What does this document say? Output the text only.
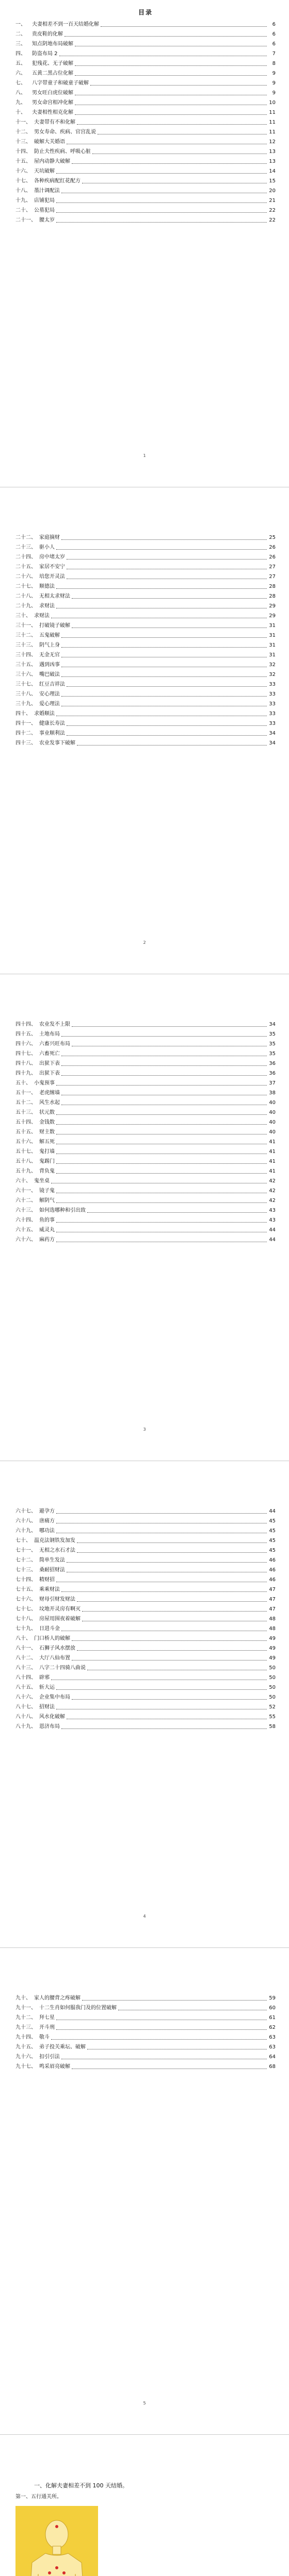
目录
一、	夫妻相差不到一百天结婚化解	6
二、	贵皮鞋的化解	6
三、	知点阴地布局破解	6
四、	防盗布局 2	7
五、	犯残花、无子破解	8
六、	五黄二黑占位化解	9
七、	八字带童子和破童子破解	9
八、	男女旺白虎位破解	9
九、	男女命宫相冲化解	10
十、	夫妻相性相克化解	11
十一、 夫妻带有不和化解	11
十二、 男女寿命、疾病、官宫乱说	11
十三、 破解大关婚语	12
十四、 防止夫性疾病、呼吸心脏	13
十五、 屋内动静大破解	13
十六、 天坑破解	14
十七、 各种疾病配红花配方	15
十八、 墨汁调配法	20
十九、 店铺犯局	21
二十、 公墓犯局	22
二十一、 腰太岁	22
1
二十二、 家庭摘财	25
二十三、 驱小人	26
二十四、 房中堵太岁	26
二十五、 家居不安宁	27
二十六、 培您开灵法	27
二十七、 顺德法	28
二十八、 无相太求财法	28
二十九、 求财法	29
三十、 求财法	29
三十一、 打破镜子破解	31
三十二、 五鬼破解	31
三十三、 阴气上身	31
三十四、 无金无官	31
三十五、 遇到凶事	32
三十六、 嘴巴破法	32
三十七、 红豆吉祥法	33
三十八、 安心理法	33
三十九、 爱心理法	33
四十、 求婚顺法	33
四十一、 健康长寿法	33
四十二、 事业顺利法	34
四十三、 农业发事下破解	34
2
四十四、 农业发不上限	34
四十五、 土地布局	35
四十六、 六畜兴旺布局	35
四十七、 六畜死亡	35
四十八、 出狱下表	36
四十九、 出狱下表	36
五十、 小鬼预事	37
五十一、 老虎缠墙	38
五十二、 风生水起	40
五十三、 状元数	40
五十四、 金钱数	40
五十五、 财主数	40
五十六、 解五死	41
五十七、 鬼打墙	41
五十八、 鬼踢门	41
五十九、 背负鬼	41
六十、 鬼坐桌	42
六十一、 镜子鬼	42
六十二、 解阴气	42
六十三、 如何选哪种和引出致	43
六十四、 鱼的事	43
六十五、 威灵丸	44
六十六、 麻药方	44
3
六十七、 避孕方	44
六十八、 唐痛方	45
六十九、 哪功法	45
七十、 温克法钢铁发加发	45
七十一、 无相之水石才法	45
七十二、 简单生发法	46
七十三、 桑耐招财法	46
七十四、 精财招	46
七十五、 乘乘财法	47
七十六、 财母引财发财法	47
七十七、 坟地开灵房有啊灭	47
七十八、 房屋用围夜着破解	48
七十九、 日进斗金	48
八十、 门口桥人的破解	49
八十一、 石狮子风水摆放	49
八十二、 大厅八仙布置	49
八十三、 八字二十四骑八曲说	50
八十四、 辟邪	50
八十五、 斩大运	50
八十六、 企业集中布局	50
八十七、 招财法	52
八十八、 风水化破解	55
八十九、 恩济布局	58
4
九十、 家人的腰背之疼破解	59
九十一、 十二生肖如何服我门及的位置破解	60
九十二、 拜七星	61
九十三、 开斗刑	62
九十四、 敬斗	63
九十五、 弟子投关乘坛、破解	63
九十六、 扣引引法	64
九十七、 鸣采眉亮破解	68
5
一、化解夫妻相差不到 100 天结婚。
第一、五行通关所。
